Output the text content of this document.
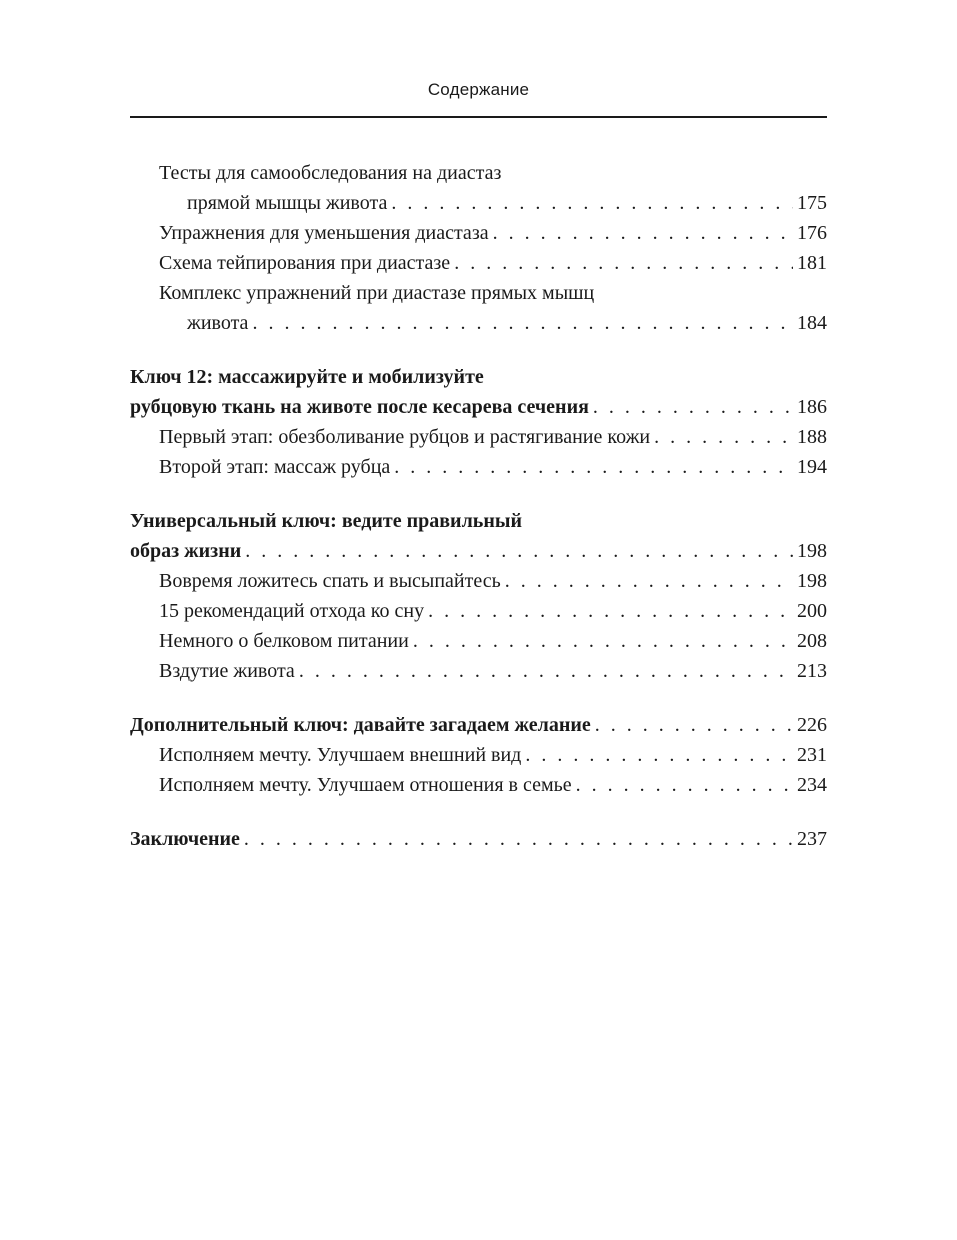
Содержание
Тесты для самообследования на диастаз
прямой мышцы живота . . .	175
Упражнения для уменьшения диастаза . . .	176
Схема тейпирования при диастазе . . .	181
Комплекс упражнений при диастазе прямых мышц
живота . . .	184
Ключ 12: массажируйте и мобилизуйте
рубцовую ткань на животе после кесарева сечения . . .	186
Первый этап: обезболивание рубцов и растягивание кожи . . .	188
Второй этап: массаж рубца . . .	194
Универсальный ключ: ведите правильный
образ жизни . . .	198
Вовремя ложитесь спать и высыпайтесь . . .	198
15 рекомендаций отхода ко сну . . .	200
Немного о белковом питании . . .	208
Вздутие живота . . .	213
Дополнительный ключ: давайте загадаем желание . . .	226
Исполняем мечту. Улучшаем внешний вид . . .	231
Исполняем мечту. Улучшаем отношения в семье . . .	234
Заключение . . .	237
